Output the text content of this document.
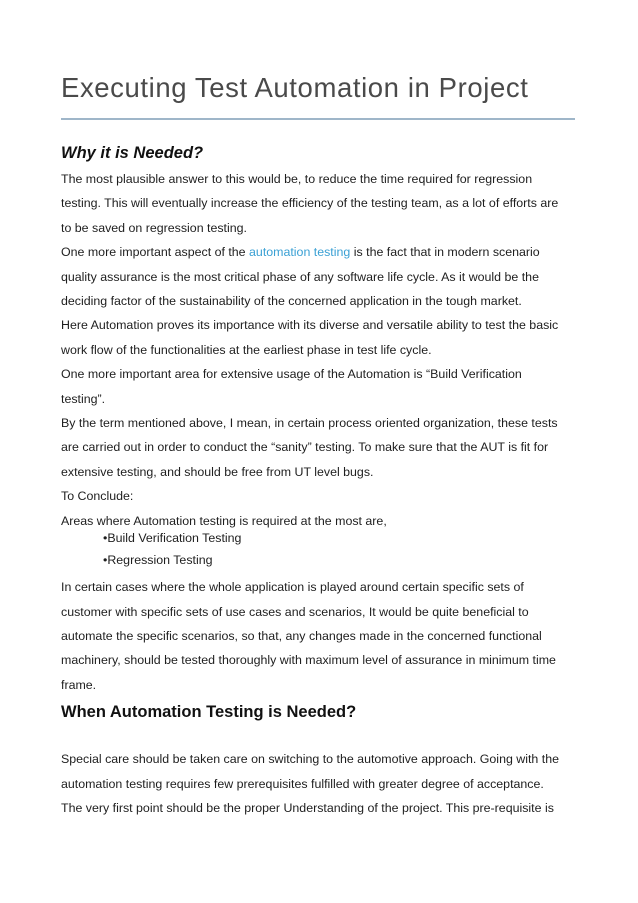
Executing Test Automation in Project
Why it is Needed?
The most plausible answer to this would be, to reduce the time required for regression
testing. This will eventually increase the efficiency of the testing team, as a lot of efforts are
to be saved on regression testing.
One more important aspect of the automation testing is the fact that in modern scenario
quality assurance is the most critical phase of any software life cycle. As it would be the
deciding factor of the sustainability of the concerned application in the tough market.
Here Automation proves its importance with its diverse and versatile ability to test the basic
work flow of the functionalities at the earliest phase in test life cycle.
One more important area for extensive usage of the Automation is “Build Verification
testing”.
By the term mentioned above, I mean, in certain process oriented organization, these tests
are carried out in order to conduct the “sanity” testing. To make sure that the AUT is fit for
extensive testing, and should be free from UT level bugs.
To Conclude:
Areas where Automation testing is required at the most are,
•Build Verification Testing
•Regression Testing
In certain cases where the whole application is played around certain specific sets of
customer with specific sets of use cases and scenarios, It would be quite beneficial to
automate the specific scenarios, so that, any changes made in the concerned functional
machinery, should be tested thoroughly with maximum level of assurance in minimum time
frame.
When Automation Testing is Needed?
Special care should be taken care on switching to the automotive approach. Going with the
automation testing requires few prerequisites fulfilled with greater degree of acceptance.
The very first point should be the proper Understanding of the project. This pre-requisite is
